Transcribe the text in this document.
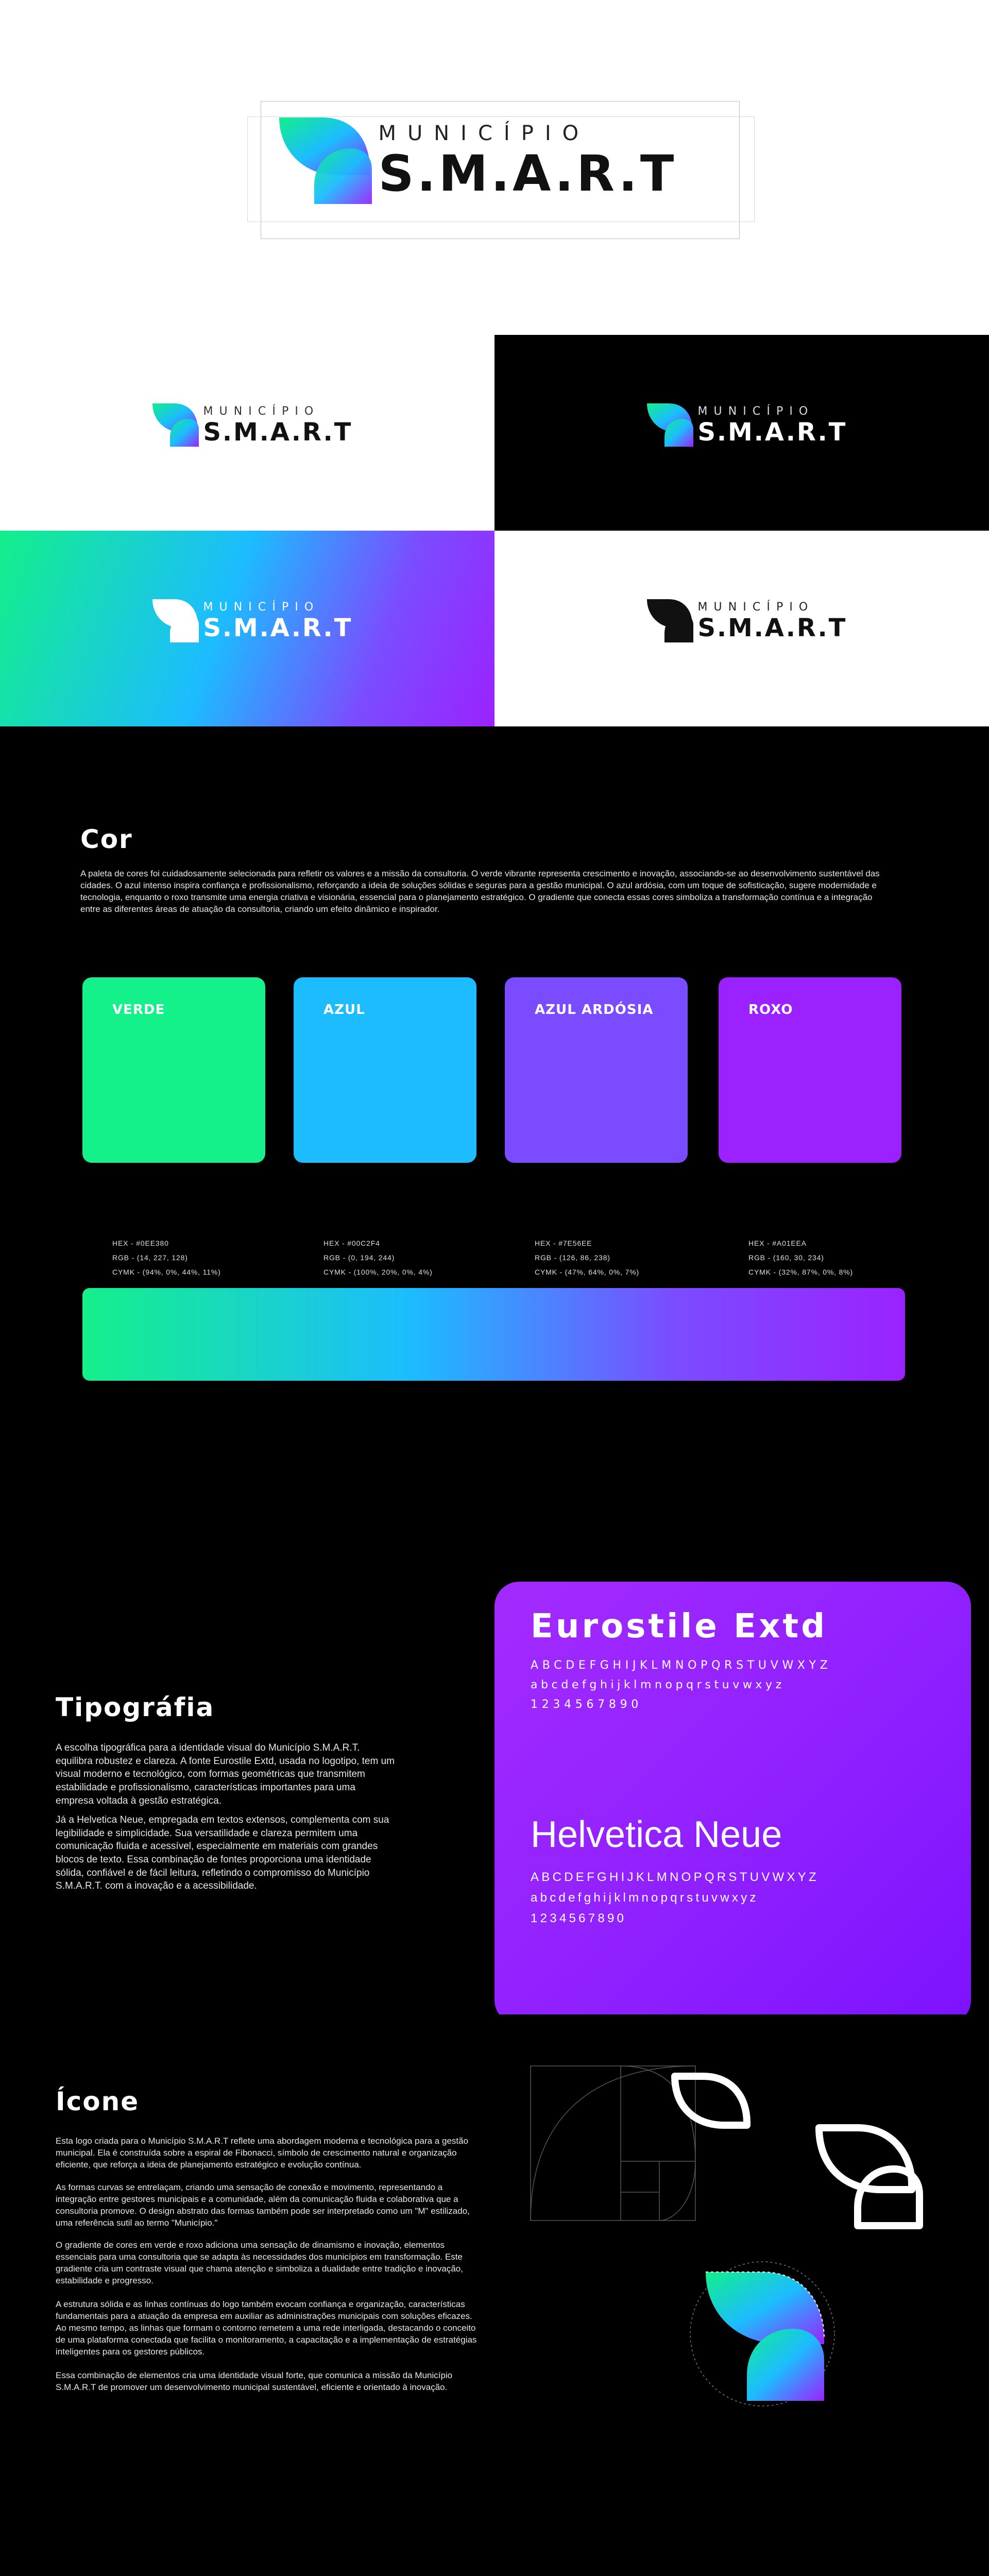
MUNICÍPIO
S.M.A.R.T
MUNICÍPIO
S.M.A.R.T
MUNICÍPIO
S.M.A.R.T
MUNICÍPIO
S.M.A.R.T
MUNICÍPIO
S.M.A.R.T
Cor
A paleta de cores foi cuidadosamente selecionada para refletir os valores e a missão da consultoria. O verde vibrante representa crescimento e inovação, associando-se ao desenvolvimento sustentável das cidades. O azul intenso inspira confiança e profissionalismo, reforçando a ideia de soluções sólidas e seguras para a gestão municipal. O azul ardósia, com um toque de sofisticação, sugere modernidade e tecnologia, enquanto o roxo transmite uma energia criativa e visionária, essencial para o planejamento estratégico. O gradiente que conecta essas cores simboliza a transformação contínua e a integração entre as diferentes áreas de atuação da consultoria, criando um efeito dinâmico e inspirador.
VERDE
HEX - #0EE380
RGB - (14, 227, 128)
CYMK - (94%, 0%, 44%, 11%)
AZUL
HEX - #00C2F4
RGB - (0, 194, 244)
CYMK - (100%, 20%, 0%, 4%)
AZUL ARDÓSIA
HEX - #7E56EE
RGB - (126, 86, 238)
CYMK - (47%, 64%, 0%, 7%)
ROXO
HEX - #A01EEA
RGB - (160, 30, 234)
CYMK - (32%, 87%, 0%, 8%)
Tipográfia
A escolha tipográfica para a identidade visual do Município S.M.A.R.T. equilibra robustez e clareza. A fonte Eurostile Extd, usada no logotipo, tem um visual moderno e tecnológico, com formas geométricas que transmitem estabilidade e profissionalismo, características importantes para uma empresa voltada à gestão estratégica.
Já a Helvetica Neue, empregada em textos extensos, complementa com sua legibilidade e simplicidade. Sua versatilidade e clareza permitem uma comunicação fluida e acessível, especialmente em materiais com grandes blocos de texto. Essa combinação de fontes proporciona uma identidade sólida, confiável e de fácil leitura, refletindo o compromisso do Município S.M.A.R.T. com a inovação e a acessibilidade.
Eurostile Extd
ABCDEFGHIJKLMNOPQRSTUVWXYZ
abcdefghijklmnopqrstuvwxyz
1234567890
Helvetica Neue
ABCDEFGHIJKLMNOPQRSTUVWXYZ
abcdefghijklmnopqrstuvwxyz
1234567890
Ícone
Esta logo criada para o Município S.M.A.R.T reflete uma abordagem moderna e tecnológica para a gestão municipal. Ela é construída sobre a espiral de Fibonacci, símbolo de crescimento natural e organização eficiente, que reforça a ideia de planejamento estratégico e evolução contínua.
As formas curvas se entrelaçam, criando uma sensação de conexão e movimento, representando a integração entre gestores municipais e a comunidade, além da comunicação fluida e colaborativa que a consultoria promove. O design abstrato das formas também pode ser interpretado como um "M" estilizado, uma referência sutil ao termo "Município."
O gradiente de cores em verde e roxo adiciona uma sensação de dinamismo e inovação, elementos essenciais para uma consultoria que se adapta às necessidades dos municípios em transformação. Este gradiente cria um contraste visual que chama atenção e simboliza a dualidade entre tradição e inovação, estabilidade e progresso.
A estrutura sólida e as linhas contínuas do logo também evocam confiança e organização, características fundamentais para a atuação da empresa em auxiliar as administrações municipais com soluções eficazes. Ao mesmo tempo, as linhas que formam o contorno remetem a uma rede interligada, destacando o conceito de uma plataforma conectada que facilita o monitoramento, a capacitação e a implementação de estratégias inteligentes para os gestores públicos.
Essa combinação de elementos cria uma identidade visual forte, que comunica a missão da Município S.M.A.R.T de promover um desenvolvimento municipal sustentável, eficiente e orientado à inovação.
